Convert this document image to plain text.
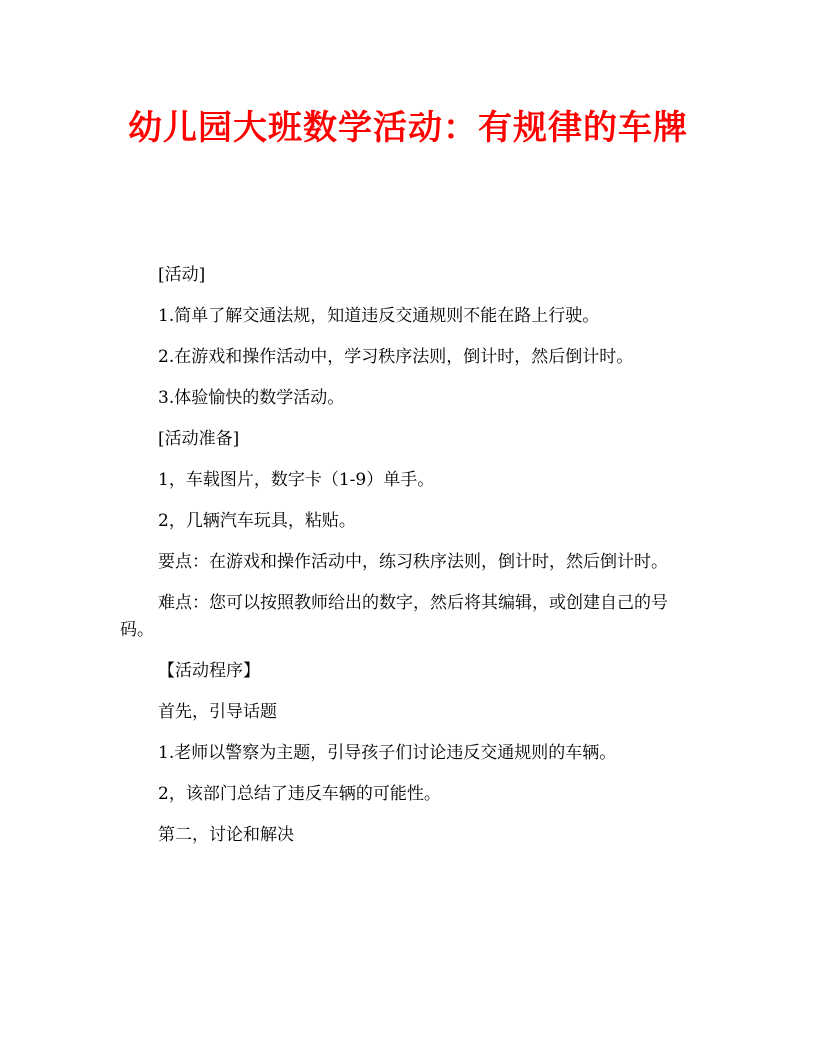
幼儿园大班数学活动：有规律的车牌

[活动]

1.简单了解交通法规，知道违反交通规则不能在路上行驶。

2.在游戏和操作活动中，学习秩序法则，倒计时，然后倒计时。

3.体验愉快的数学活动。

[活动准备]

1，车载图片，数字卡（1-9）单手。

2，几辆汽车玩具，粘贴。

要点：在游戏和操作活动中，练习秩序法则，倒计时，然后倒计时。

难点：您可以按照教师给出的数字，然后将其编辑，或创建自己的号码。

【活动程序】

首先，引导话题

1.老师以警察为主题，引导孩子们讨论违反交通规则的车辆。

2，该部门总结了违反车辆的可能性。

第二，讨论和解决
